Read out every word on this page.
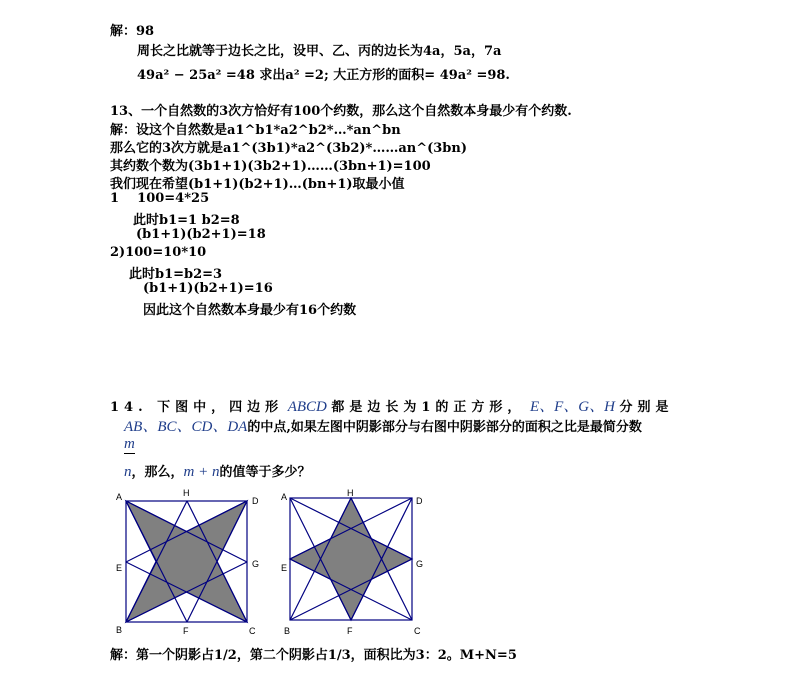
解：98
周长之比就等于边长之比，设甲、乙、丙的边长为4a，5a，7a
49a² − 25a² =48 求出a² =2; 大正方形的面积= 49a² =98.
13、一个自然数的3次方恰好有100个约数，那么这个自然数本身最少有个约数.
解：设这个自然数是a1^b1*a2^b2*…*an^bn
那么它的3次方就是a1^(3b1)*a2^(3b2)*……an^(3bn)
其约数个数为(3b1+1)(3b2+1)……(3bn+1)=100
我们现在希望(b1+1)(b2+1)…(bn+1)取最小值
1    100=4*25
此时b1=1 b2=8
(b1+1)(b2+1)=18
2)100=10*10
此时b1=b2=3
(b1+1)(b2+1)=16
因此这个自然数本身最少有16个约数
14. 下图中，四边形 ABCD 都是边长为1的正方形， E、F、G、H 分别是
AB、BC、CD、DA的中点,如果左图中阴影部分与右图中阴影部分的面积之比是最简分数
m
n，那么，m + n的值等于多少？
A	H
D
E	G
B	F	C
A	H
D
E	G
B	F	C
解：第一个阴影占1/2，第二个阴影占1/3，面积比为3：2。M+N=5
